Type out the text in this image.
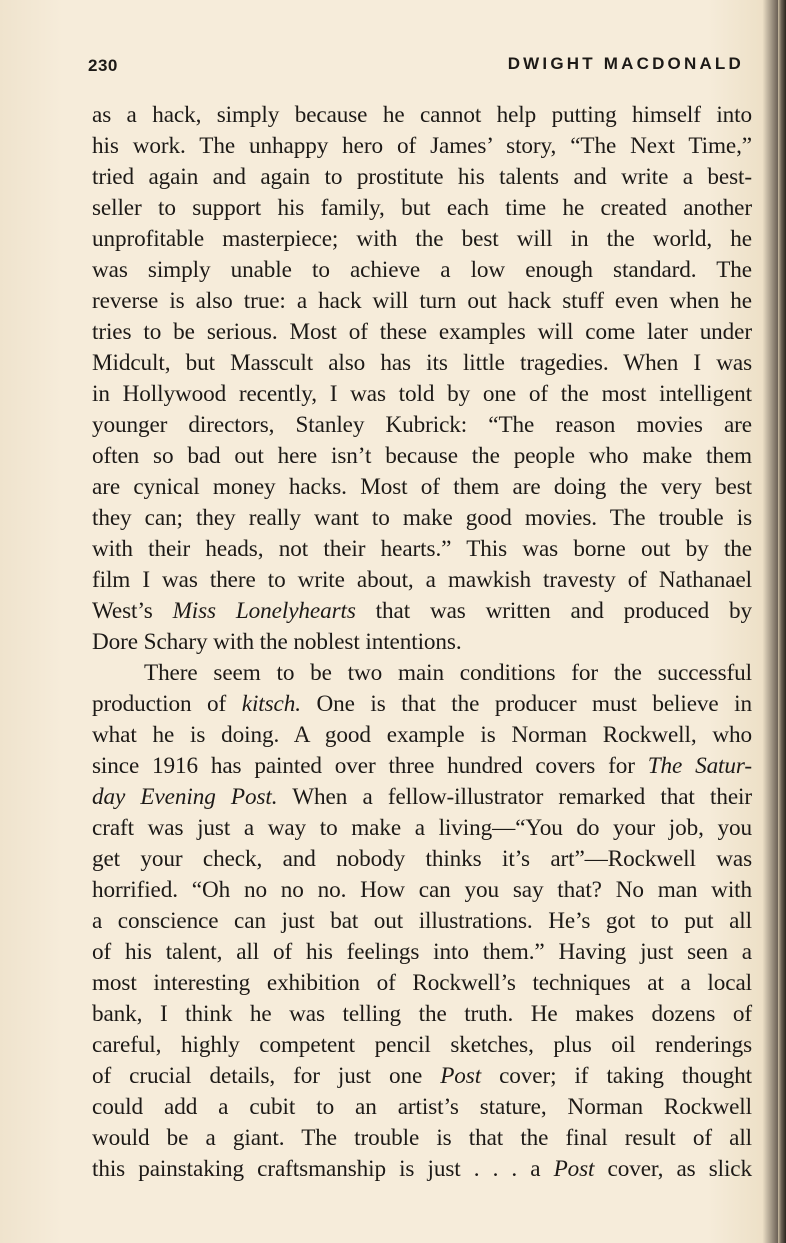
230	DWIGHT MACDONALD
as a hack, simply because he cannot help putting himself into
his work. The unhappy hero of James’ story, “The Next Time,”
tried again and again to prostitute his talents and write a best-
seller to support his family, but each time he created another
unprofitable masterpiece; with the best will in the world, he
was simply unable to achieve a low enough standard. The
reverse is also true: a hack will turn out hack stuff even when he
tries to be serious. Most of these examples will come later under
Midcult, but Masscult also has its little tragedies. When I was
in Hollywood recently, I was told by one of the most intelligent
younger directors, Stanley Kubrick: “The reason movies are
often so bad out here isn’t because the people who make them
are cynical money hacks. Most of them are doing the very best
they can; they really want to make good movies. The trouble is
with their heads, not their hearts.” This was borne out by the
film I was there to write about, a mawkish travesty of Nathanael
West’s Miss Lonelyhearts that was written and produced by
Dore Schary with the noblest intentions.
There seem to be two main conditions for the successful
production of kitsch. One is that the producer must believe in
what he is doing. A good example is Norman Rockwell, who
since 1916 has painted over three hundred covers for The Satur-
day Evening Post. When a fellow-illustrator remarked that their
craft was just a way to make a living—“You do your job, you
get your check, and nobody thinks it’s art”—Rockwell was
horrified. “Oh no no no. How can you say that? No man with
a conscience can just bat out illustrations. He’s got to put all
of his talent, all of his feelings into them.” Having just seen a
most interesting exhibition of Rockwell’s techniques at a local
bank, I think he was telling the truth. He makes dozens of
careful, highly competent pencil sketches, plus oil renderings
of crucial details, for just one Post cover; if taking thought
could add a cubit to an artist’s stature, Norman Rockwell
would be a giant. The trouble is that the final result of all
this painstaking craftsmanship is just . . . a Post cover, as slick
